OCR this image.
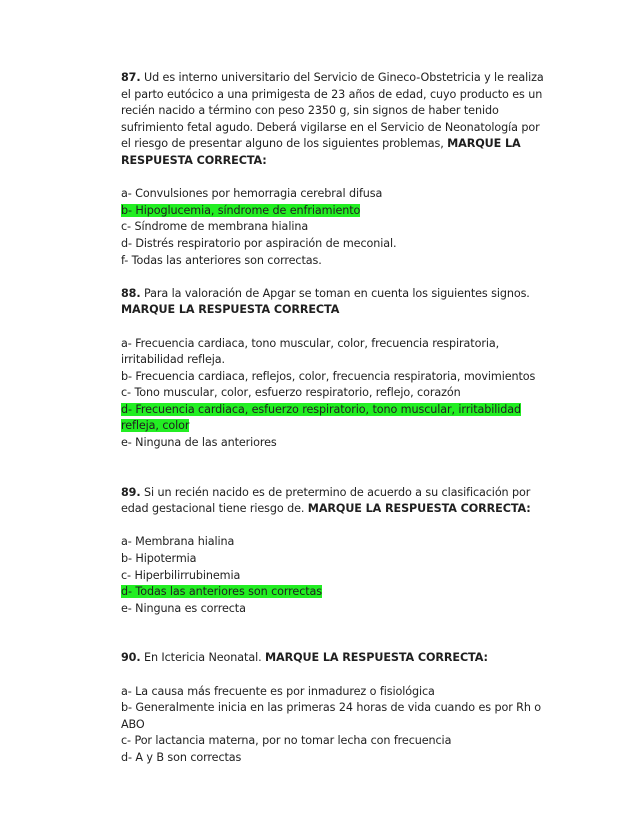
87. Ud es interno universitario del Servicio de Gineco-Obstetricia y le realiza el parto eutócico a una primigesta de 23 años de edad, cuyo producto es un recién nacido a término con peso 2350 g, sin signos de haber tenido sufrimiento fetal agudo. Deberá vigilarse en el Servicio de Neonatología por el riesgo de presentar alguno de los siguientes problemas, MARQUE LA RESPUESTA CORRECTA:

a- Convulsiones por hemorragia cerebral difusa
b- Hipoglucemia, síndrome de enfriamiento
c- Síndrome de membrana hialina
d- Distrés respiratorio por aspiración de meconial.
f- Todas las anteriores son correctas.

88. Para la valoración de Apgar se toman en cuenta los siguientes signos. MARQUE LA RESPUESTA CORRECTA

a- Frecuencia cardiaca, tono muscular, color, frecuencia respiratoria, irritabilidad refleja.
b- Frecuencia cardiaca, reflejos, color, frecuencia respiratoria, movimientos
c- Tono muscular, color, esfuerzo respiratorio, reflejo, corazón
d- Frecuencia cardiaca, esfuerzo respiratorio, tono muscular, irritabilidad refleja, color
e- Ninguna de las anteriores

89. Si un recién nacido es de pretermino de acuerdo a su clasificación por edad gestacional tiene riesgo de. MARQUE LA RESPUESTA CORRECTA:

a- Membrana hialina
b- Hipotermia
c- Hiperbilirrubinemia
d- Todas las anteriores son correctas
e- Ninguna es correcta

90. En Ictericia Neonatal. MARQUE LA RESPUESTA CORRECTA:

a- La causa más frecuente es por inmadurez o fisiológica
b- Generalmente inicia en las primeras 24 horas de vida cuando es por Rh o ABO
c- Por lactancia materna, por no tomar lecha con frecuencia
d- A y B son correctas
